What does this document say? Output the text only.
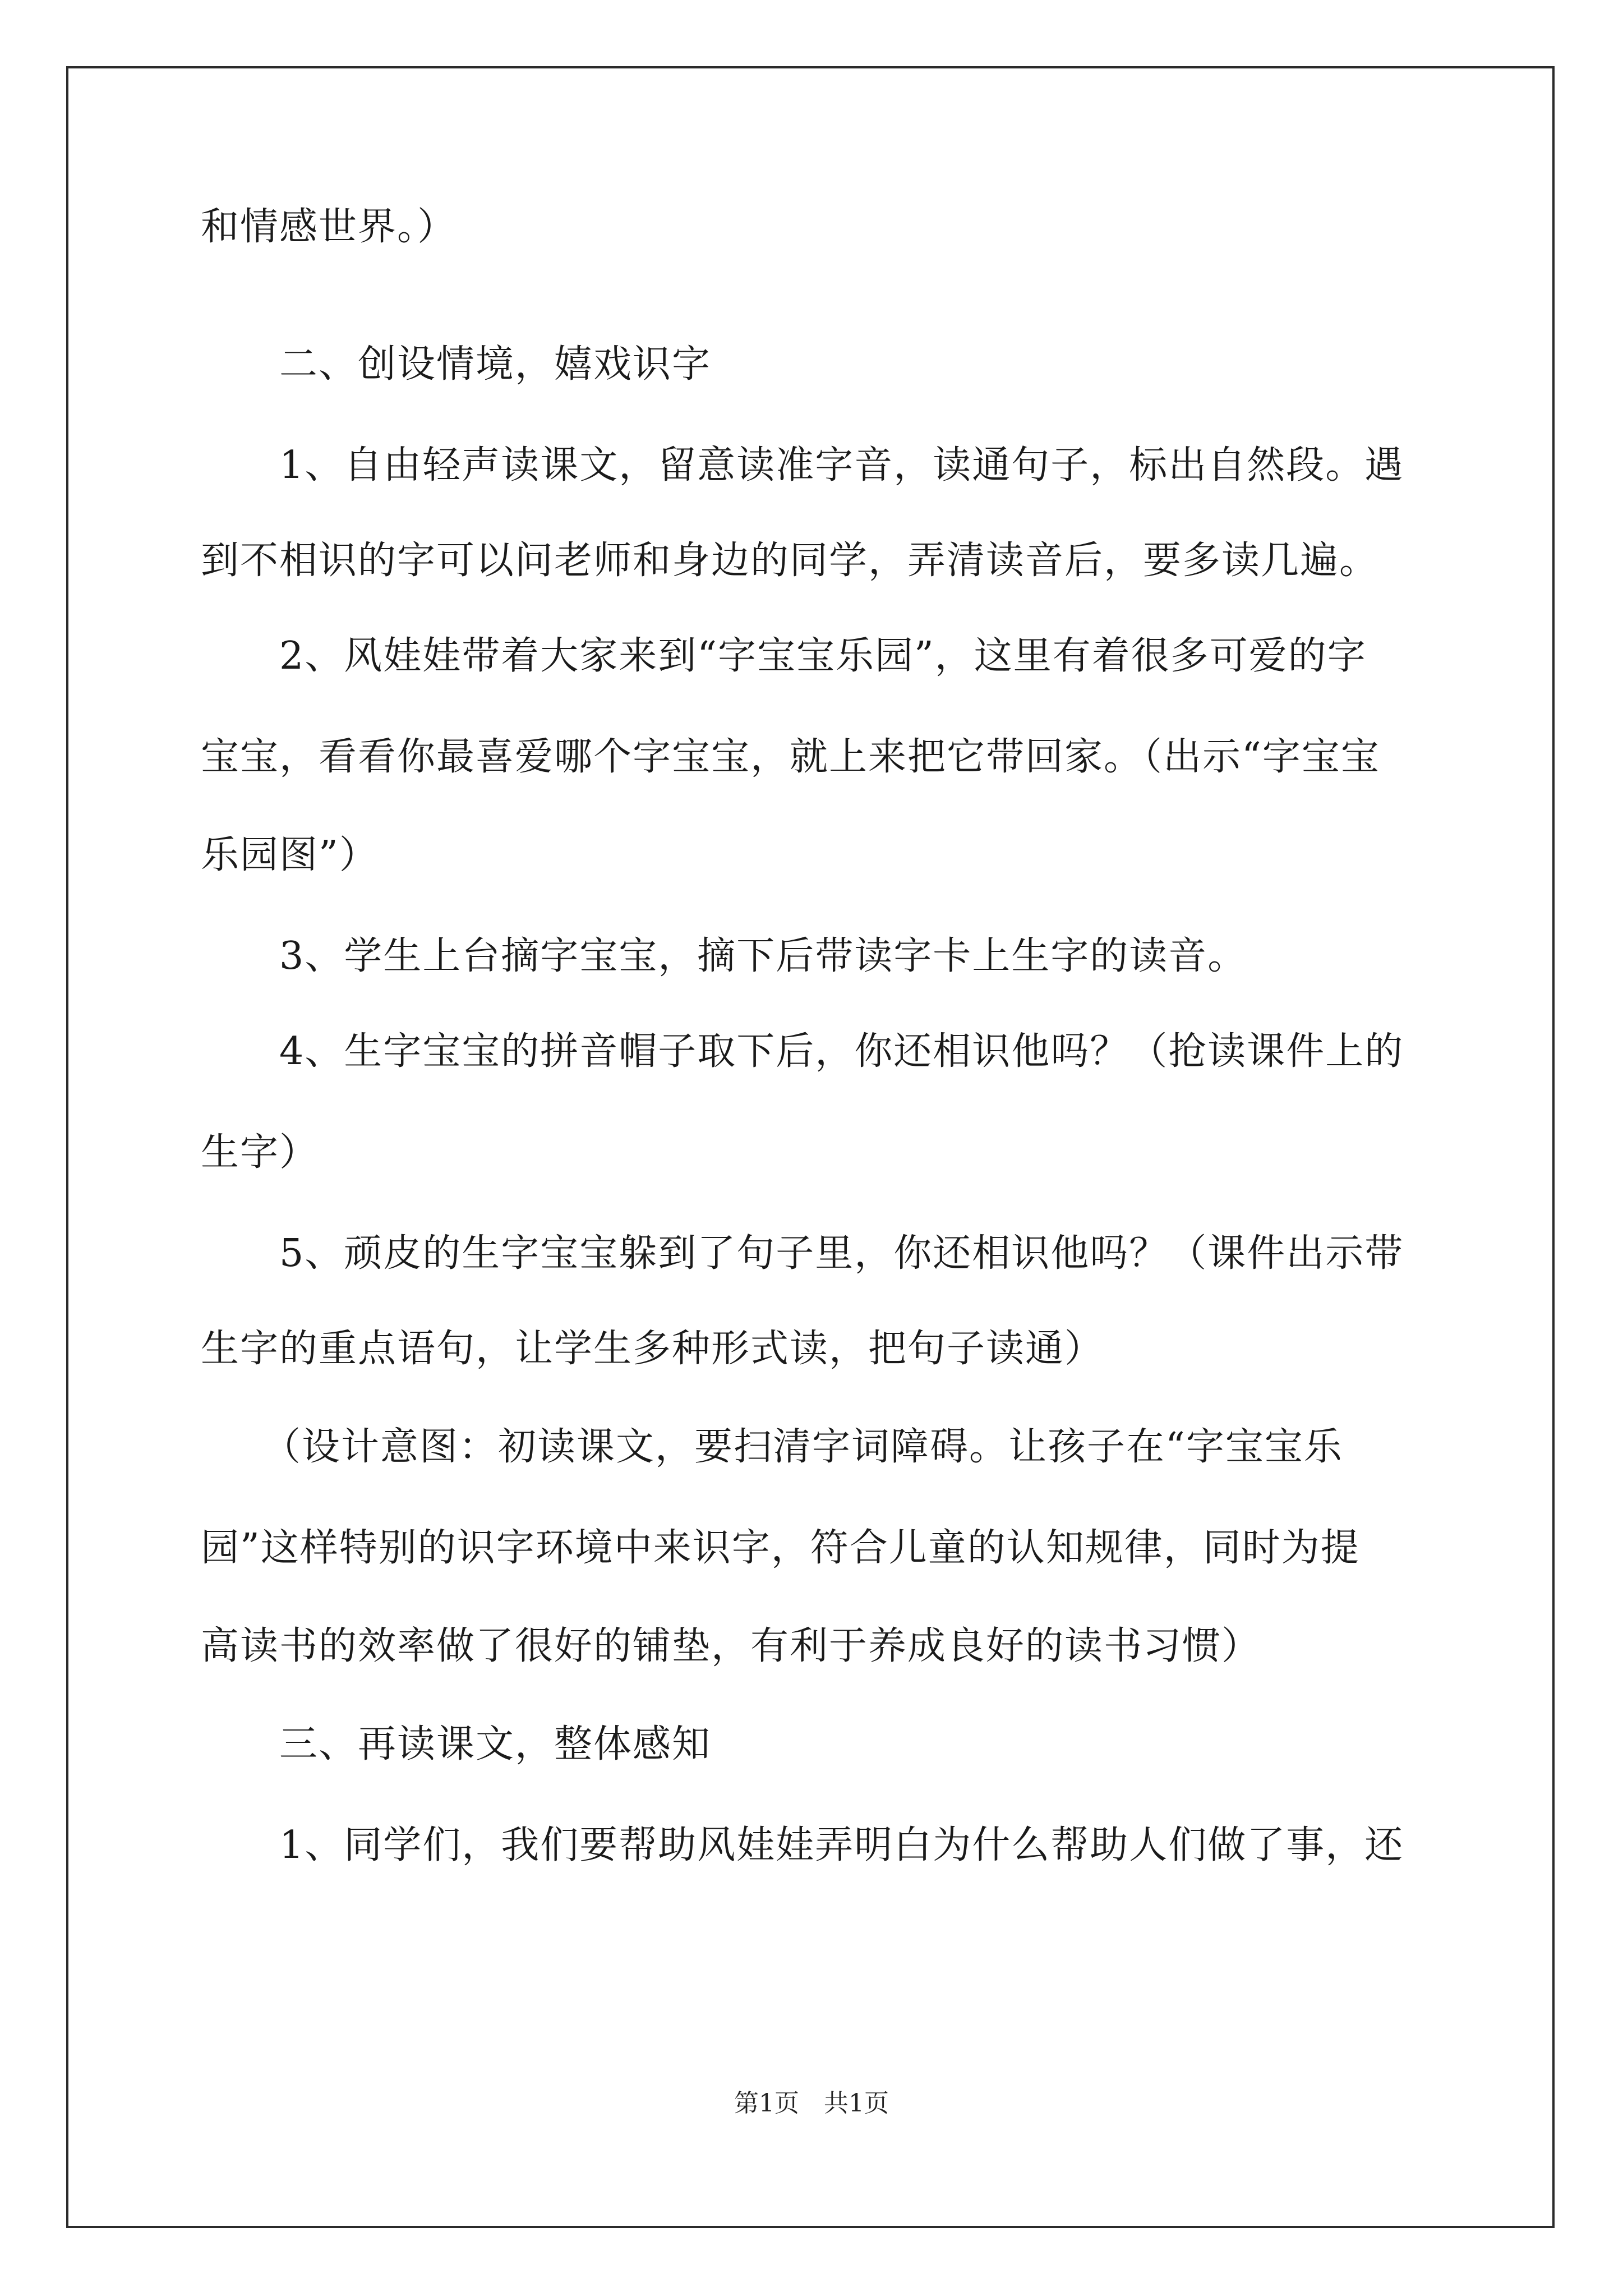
和情感世界。）
二、创设情境，嬉戏识字
1、自由轻声读课文，留意读准字音，读通句子，标出自然段。遇
到不相识的字可以问老师和身边的同学，弄清读音后，要多读几遍。
2、风娃娃带着大家来到“字宝宝乐园”，这里有着很多可爱的字
宝宝，看看你最喜爱哪个字宝宝，就上来把它带回家。（出示“字宝宝
乐园图”）
3、学生上台摘字宝宝，摘下后带读字卡上生字的读音。
4、生字宝宝的拼音帽子取下后，你还相识他吗？（抢读课件上的
生字）
5、顽皮的生字宝宝躲到了句子里，你还相识他吗？（课件出示带
生字的重点语句，让学生多种形式读，把句子读通）
（设计意图：初读课文，要扫清字词障碍。让孩子在“字宝宝乐
园”这样特别的识字环境中来识字，符合儿童的认知规律，同时为提
高读书的效率做了很好的铺垫，有利于养成良好的读书习惯）
三、再读课文，整体感知
1、同学们，我们要帮助风娃娃弄明白为什么帮助人们做了事，还
第1页　共1页
